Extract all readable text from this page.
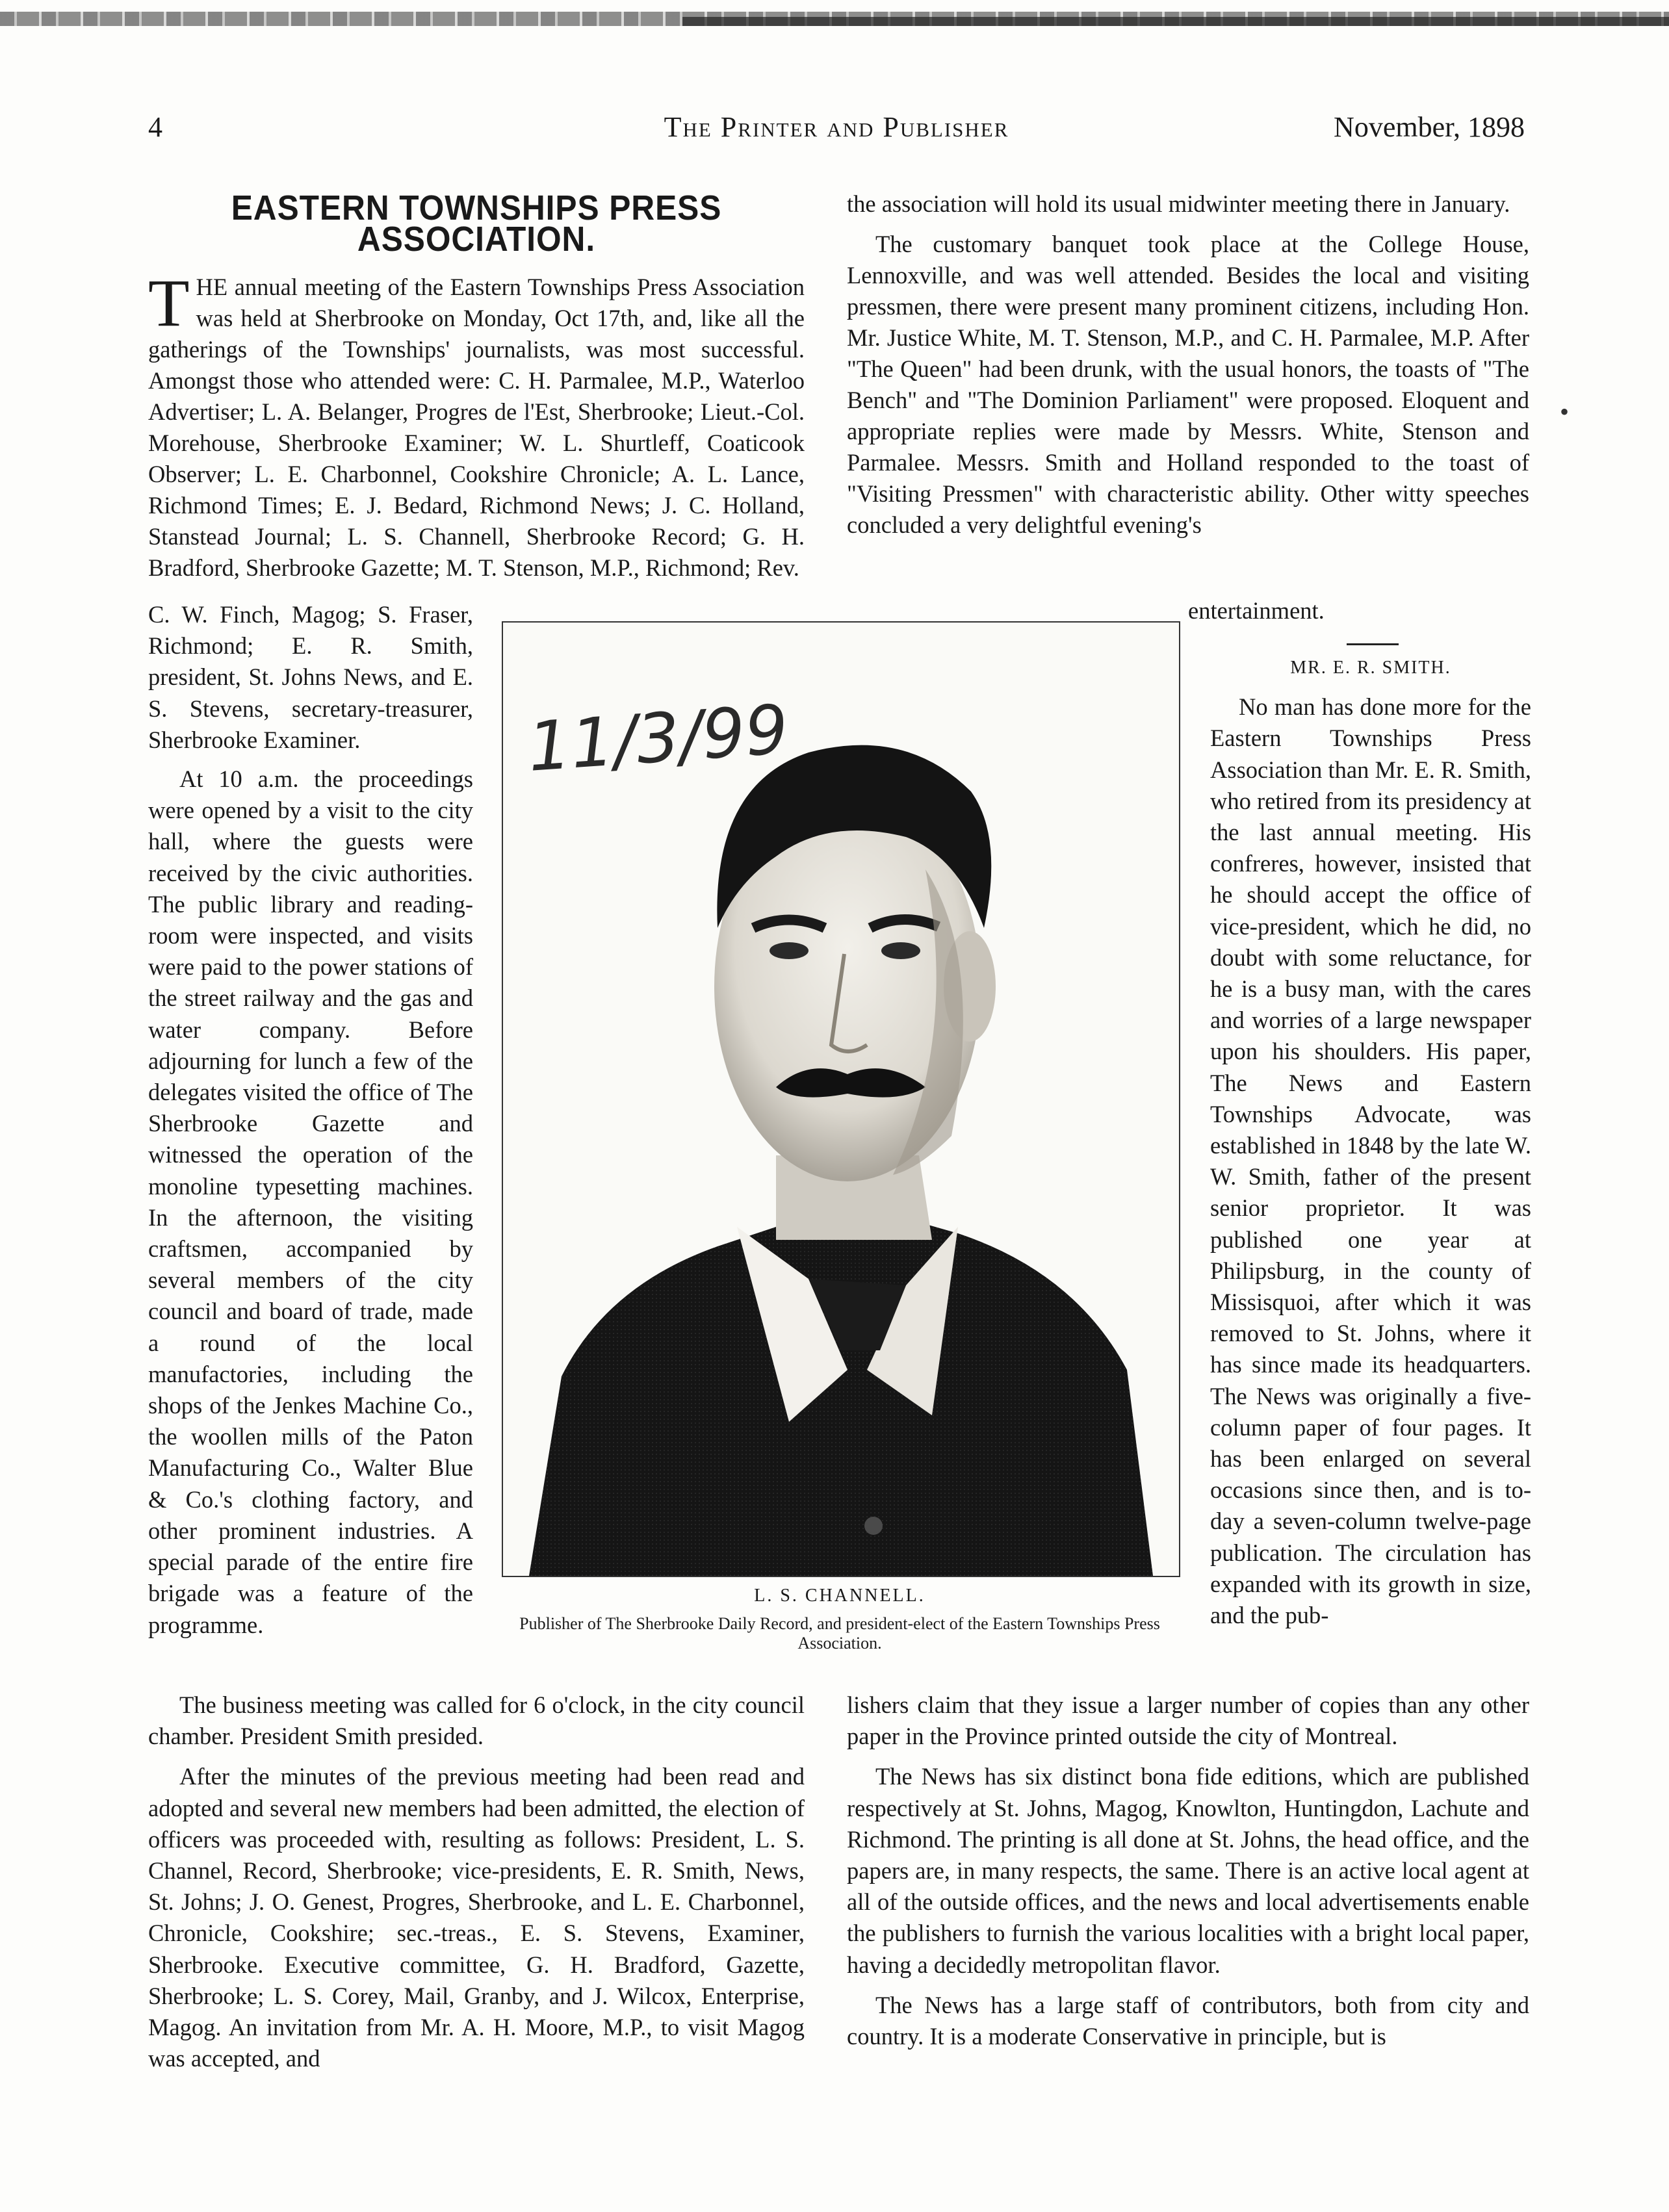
4	The Printer and Publisher	November, 1898
EASTERN TOWNSHIPS PRESS ASSOCIATION.

THE annual meeting of the Eastern Townships Press Association was held at Sherbrooke on Monday, Oct 17th, and, like all the gatherings of the Townships' journalists, was most successful. Amongst those who attended were: C. H. Parmalee, M.P., Waterloo Advertiser; L. A. Belanger, Progres de l'Est, Sherbrooke; Lieut.-Col. Morehouse, Sherbrooke Examiner; W. L. Shurtleff, Coaticook Observer; L. E. Charbonnel, Cookshire Chronicle; A. L. Lance, Richmond Times; E. J. Bedard, Richmond News; J. C. Holland, Stanstead Journal; L. S. Channell, Sherbrooke Record; G. H. Bradford, Sherbrooke Gazette; M. T. Stenson, M.P., Richmond; Rev.

C. W. Finch, Magog; S. Fraser, Richmond; E. R. Smith, president, St. Johns News, and E. S. Stevens, secretary-treasurer, Sherbrooke Examiner.

At 10 a.m. the proceedings were opened by a visit to the city hall, where the guests were received by the civic authorities. The public library and reading-room were inspected, and visits were paid to the power stations of the street railway and the gas and water company. Before adjourning for lunch a few of the delegates visited the office of The Sherbrooke Gazette and witnessed the operation of the monoline typesetting machines. In the afternoon, the visiting craftsmen, accompanied by several members of the city council and board of trade, made a round of the local manufactories, including the shops of the Jenkes Machine Co., the woollen mills of the Paton Manufacturing Co., Walter Blue & Co.'s clothing factory, and other prominent industries. A special parade of the entire fire brigade was a feature of the programme.

the association will hold its usual midwinter meeting there in January.

The customary banquet took place at the College House, Lennoxville, and was well attended. Besides the local and visiting pressmen, there were present many prominent citizens, including Hon. Mr. Justice White, M. T. Stenson, M.P., and C. H. Parmalee, M.P. After "The Queen" had been drunk, with the usual honors, the toasts of "The Bench" and "The Dominion Parliament" were proposed. Eloquent and appropriate replies were made by Messrs. White, Stenson and Parmalee. Messrs. Smith and Holland responded to the toast of "Visiting Pressmen" with characteristic ability. Other witty speeches concluded a very delightful evening's

entertainment.
MR. E. R. SMITH.

No man has done more for the Eastern Townships Press Association than Mr. E. R. Smith, who retired from its presidency at the last annual meeting. His confreres, however, insisted that he should accept the office of vice-president, which he did, no doubt with some reluctance, for he is a busy man, with the cares and worries of a large newspaper upon his shoulders. His paper, The News and Eastern Townships Advocate, was established in 1848 by the late W. W. Smith, father of the present senior proprietor. It was published one year at Philipsburg, in the county of Missisquoi, after which it was removed to St. Johns, where it has since made its headquarters. The News was originally a five-column paper of four pages. It has been enlarged on several occasions since then, and is to-day a seven-column twelve-page publication. The circulation has expanded with its growth in size, and the pub-

11/3/99
L. S. CHANNELL.
Publisher of The Sherbrooke Daily Record, and president-elect of the Eastern Townships Press Association.

The business meeting was called for 6 o'clock, in the city council chamber. President Smith presided.

After the minutes of the previous meeting had been read and adopted and several new members had been admitted, the election of officers was proceeded with, resulting as follows: President, L. S. Channel, Record, Sherbrooke; vice-presidents, E. R. Smith, News, St. Johns; J. O. Genest, Progres, Sherbrooke, and L. E. Charbonnel, Chronicle, Cookshire; sec.-treas., E. S. Stevens, Examiner, Sherbrooke. Executive committee, G. H. Bradford, Gazette, Sherbrooke; L. S. Corey, Mail, Granby, and J. Wilcox, Enterprise, Magog. An invitation from Mr. A. H. Moore, M.P., to visit Magog was accepted, and

lishers claim that they issue a larger number of copies than any other paper in the Province printed outside the city of Montreal.

The News has six distinct bona fide editions, which are published respectively at St. Johns, Magog, Knowlton, Huntingdon, Lachute and Richmond. The printing is all done at St. Johns, the head office, and the papers are, in many respects, the same. There is an active local agent at all of the outside offices, and the news and local advertisements enable the publishers to furnish the various localities with a bright local paper, having a decidedly metropolitan flavor.

The News has a large staff of contributors, both from city and country. It is a moderate Conservative in principle, but is

•
